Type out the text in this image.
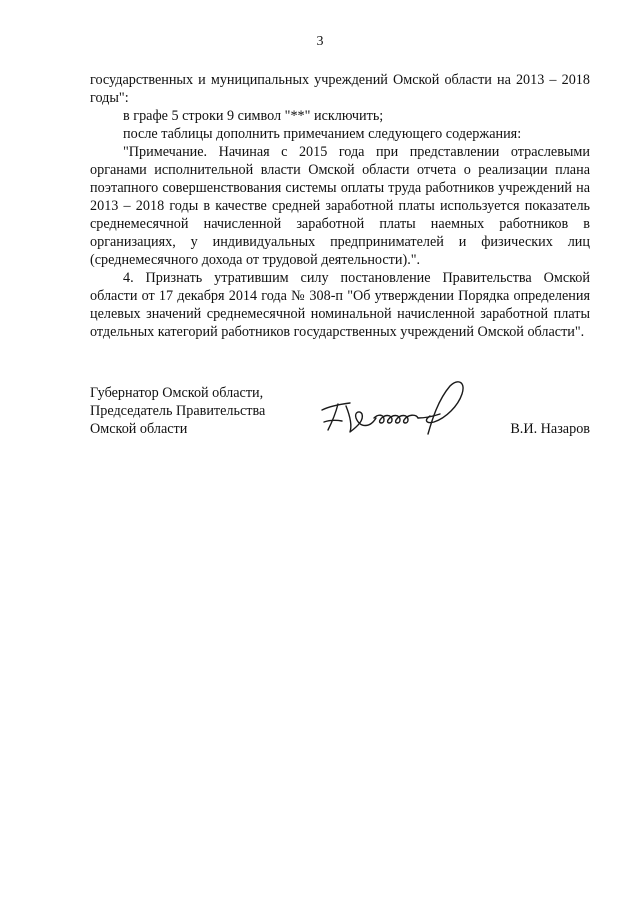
3

государственных и муниципальных учреждений Омской области на 2013 – 2018 годы":

в графе 5 строки 9 символ "**" исключить;

после таблицы дополнить примечанием следующего содержания:

"Примечание. Начиная с 2015 года при представлении отраслевыми органами исполнительной власти Омской области отчета о реализации плана поэтапного совершенствования системы оплаты труда работников учреждений на 2013 – 2018 годы в качестве средней заработной платы используется показатель среднемесячной начисленной заработной платы наемных работников в организациях, у индивидуальных предпринимателей и физических лиц (среднемесячного дохода от трудовой деятельности).".

4. Признать утратившим силу постановление Правительства Омской области от 17 декабря 2014 года № 308-п "Об утверждении Порядка определения целевых значений среднемесячной номинальной начисленной заработной платы отдельных категорий работников государственных учреждений Омской области".

Губернатор Омской области,
Председатель Правительства
Омской области	В.И. Назаров
